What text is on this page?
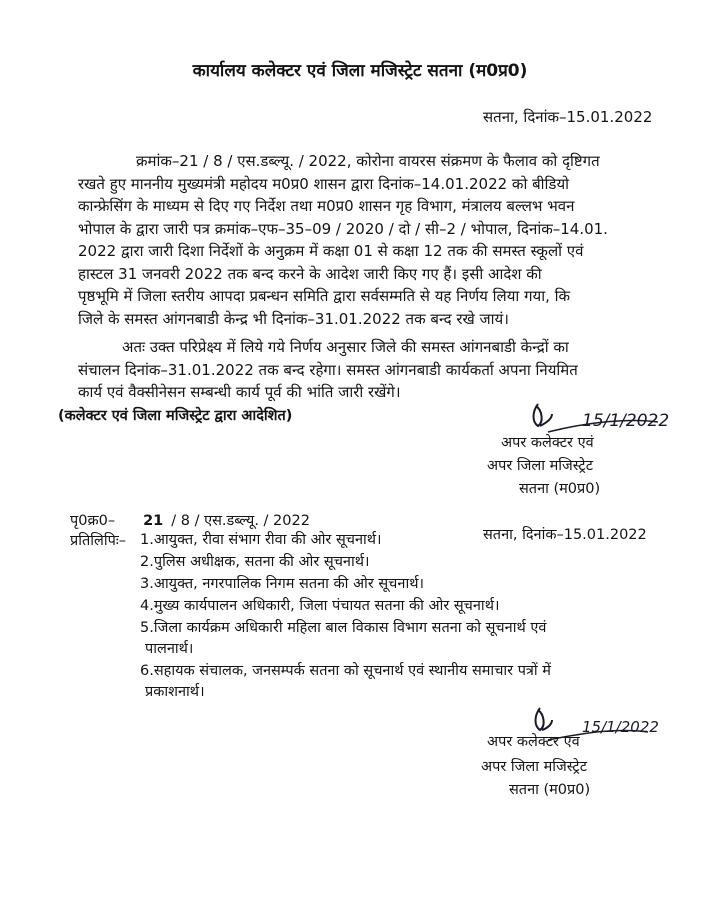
कार्यालय कलेक्टर एवं जिला मजिस्ट्रेट सतना (म0प्र0)
सतना, दिनांक–15.01.2022
क्रमांक–21 / 8 / एस.डब्ल्यू. / 2022, कोरोना वायरस संक्रमण के फैलाव को दृष्टिगत
रखते हुए माननीय मुख्यमंत्री महोदय म0प्र0 शासन द्वारा दिनांक–14.01.2022 को बीडियो
कान्फ्रेसिंग के माध्यम से दिए गए निर्देश तथा म0प्र0 शासन गृह विभाग, मंत्रालय बल्लभ भवन
भोपाल के द्वारा जारी पत्र क्रमांक–एफ–35–09 / 2020 / दो / सी–2 / भोपाल, दिनांक–14.01.
2022 द्वारा जारी दिशा निर्देशों के अनुक्रम में कक्षा 01 से कक्षा 12 तक की समस्त स्कूलों एवं
हास्टल 31 जनवरी 2022 तक बन्द करने के आदेश जारी किए गए हैं। इसी आदेश की
पृष्ठभूमि में जिला स्तरीय आपदा प्रबन्धन समिति द्वारा सर्वसम्मति से यह निर्णय लिया गया, कि
जिले के समस्त आंगनबाडी केन्द्र भी दिनांक–31.01.2022 तक बन्द रखे जायं।
अतः उक्त परिप्रेक्ष्य में लिये गये निर्णय अनुसार जिले की समस्त आंगनबाडी केन्द्रों का
संचालन दिनांक–31.01.2022 तक बन्द रहेगा। समस्त आंगनबाडी कार्यकर्ता अपना नियमित
कार्य एवं वैक्सीनेसन सम्बन्धी कार्य पूर्व की भांति जारी रखेंगे।
(कलेक्टर एवं जिला मजिस्ट्रेट द्वारा आदेशित)	15/1/2022
अपर कलेक्टर एवं
अपर जिला मजिस्ट्रेट
सतना (म0प्र0)
पृ0क्र0– 21 / 8 / एस.डब्ल्यू. / 2022
सतना, दिनांक–15.01.2022
प्रतिलिपिः– 1.आयुक्त, रीवा संभाग रीवा की ओर सूचनार्थ।
2.पुलिस अधीक्षक, सतना की ओर सूचनार्थ।
3.आयुक्त, नगरपालिक निगम सतना की ओर सूचनार्थ।
4.मुख्य कार्यपालन अधिकारी, जिला पंचायत सतना की ओर सूचनार्थ।
5.जिला कार्यक्रम अधिकारी महिला बाल विकास विभाग सतना को सूचनार्थ एवं
पालनार्थ।
6.सहायक संचालक, जनसम्पर्क सतना को सूचनार्थ एवं स्थानीय समाचार पत्रों में
प्रकाशनार्थ।
15/1/2022
अपर कलेक्टर एवं
अपर जिला मजिस्ट्रेट
सतना (म0प्र0)
